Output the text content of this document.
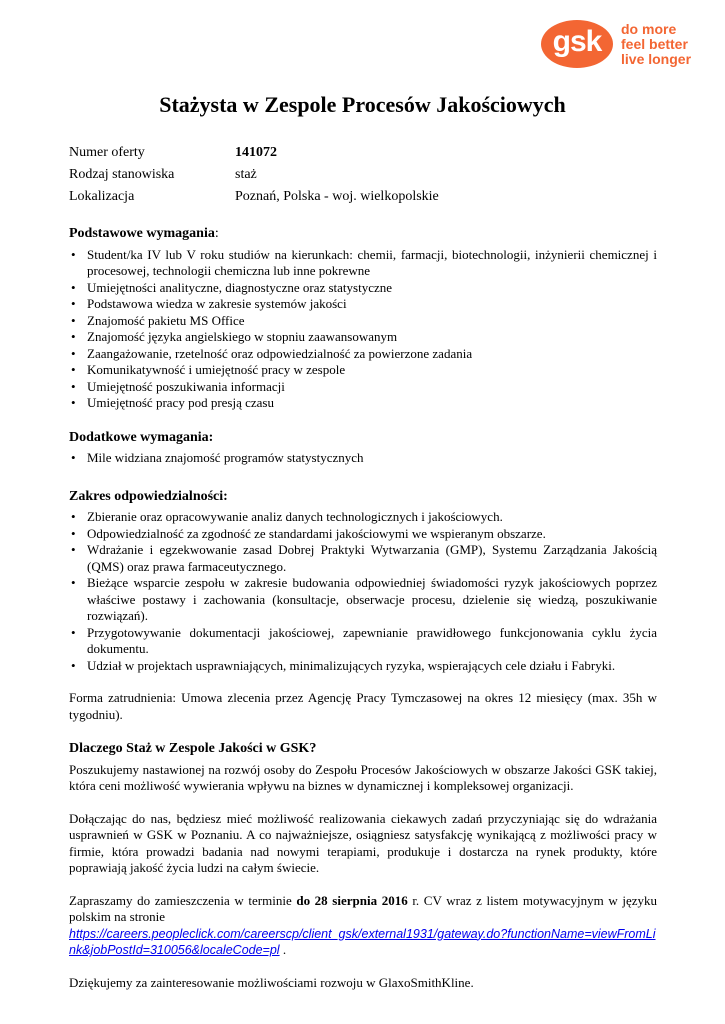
gsk	do more
feel better
live longer
Stażysta w Zespole Procesów Jakościowych
Numer oferty	141072
Rodzaj stanowiska	staż
Lokalizacja	Poznań, Polska - woj. wielkopolskie
Podstawowe wymagania:
• Student/ka IV lub V roku studiów na kierunkach: chemii, farmacji, biotechnologii, inżynierii chemicznej i procesowej, technologii chemiczna lub inne pokrewne
• Umiejętności analityczne, diagnostyczne oraz statystyczne
• Podstawowa wiedza w zakresie systemów jakości
• Znajomość pakietu MS Office
• Znajomość języka angielskiego w stopniu zaawansowanym
• Zaangażowanie, rzetelność oraz odpowiedzialność za powierzone zadania
• Komunikatywność i umiejętność pracy w zespole
• Umiejętność poszukiwania informacji
• Umiejętność pracy pod presją czasu
Dodatkowe wymagania:
• Mile widziana znajomość programów statystycznych
Zakres odpowiedzialności:
• Zbieranie oraz opracowywanie analiz danych technologicznych i jakościowych.
• Odpowiedzialność za zgodność ze standardami jakościowymi we wspieranym obszarze.
• Wdrażanie i egzekwowanie zasad Dobrej Praktyki Wytwarzania (GMP), Systemu Zarządzania Jakością (QMS) oraz prawa farmaceutycznego.
• Bieżące wsparcie zespołu w zakresie budowania odpowiedniej świadomości ryzyk jakościowych poprzez właściwe postawy i zachowania (konsultacje, obserwacje procesu, dzielenie się wiedzą, poszukiwanie rozwiązań).
• Przygotowywanie dokumentacji jakościowej, zapewnianie prawidłowego funkcjonowania cyklu życia dokumentu.
• Udział w projektach usprawniających, minimalizujących ryzyka, wspierających cele działu i Fabryki.

Forma zatrudnienia: Umowa zlecenia przez Agencję Pracy Tymczasowej na okres 12 miesięcy (max. 35h w tygodniu).

Dlaczego Staż w Zespole Jakości w GSK?

Poszukujemy nastawionej na rozwój osoby do Zespołu Procesów Jakościowych w obszarze Jakości GSK takiej, która ceni możliwość wywierania wpływu na biznes w dynamicznej i kompleksowej organizacji.

Dołączając do nas, będziesz mieć możliwość realizowania ciekawych zadań przyczyniając się do wdrażania usprawnień w GSK w Poznaniu. A co najważniejsze, osiągniesz satysfakcję wynikającą z możliwości pracy w firmie, która prowadzi badania nad nowymi terapiami, produkuje i dostarcza na rynek produkty, które poprawiają jakość życia ludzi na całym świecie.

Zapraszamy do zamieszczenia w terminie do 28 sierpnia 2016 r. CV wraz z listem motywacyjnym w języku polskim na stronie

https://careers.peopleclick.com/careerscp/client_gsk/external1931/gateway.do?functionName=viewFromLink&jobPostId=310056&localeCode=pl .

Dziękujemy za zainteresowanie możliwościami rozwoju w GlaxoSmithKline.
